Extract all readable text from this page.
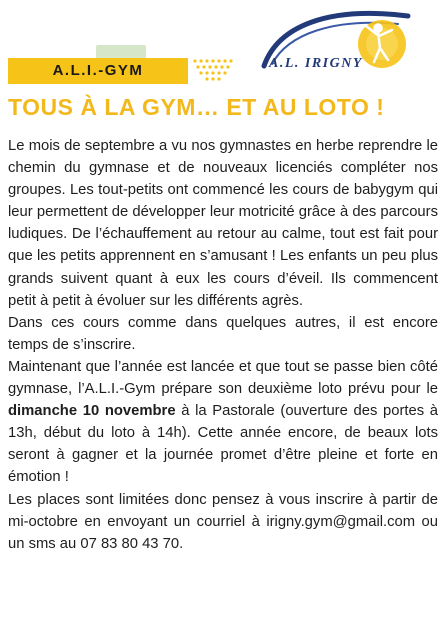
A.L.I.-GYM	A.L. IRIGNY
TOUS À LA GYM… ET AU LOTO !

Le mois de septembre a vu nos gymnastes en herbe reprendre le chemin du gymnase et de nouveaux licenciés compléter nos groupes. Les tout-petits ont commencé les cours de babygym qui leur permettent de développer leur motricité grâce à des parcours ludiques. De l’échauffement au retour au calme, tout est fait pour que les petits apprennent en s’amusant ! Les enfants un peu plus grands suivent quant à eux les cours d’éveil. Ils commencent petit à petit à évoluer sur les différents agrès.

Dans ces cours comme dans quelques autres, il est encore temps de s’inscrire.

Maintenant que l’année est lancée et que tout se passe bien côté gymnase, l’A.L.I.-Gym prépare son deuxième loto prévu pour le dimanche 10 novembre à la Pastorale (ouverture des portes à 13h, début du loto à 14h). Cette année encore, de beaux lots seront à gagner et la journée promet d’être pleine et forte en émotion !

Les places sont limitées donc pensez à vous inscrire à partir de mi-octobre en envoyant un courriel à irigny.gym@gmail.com ou un sms au 07 83 80 43 70.
